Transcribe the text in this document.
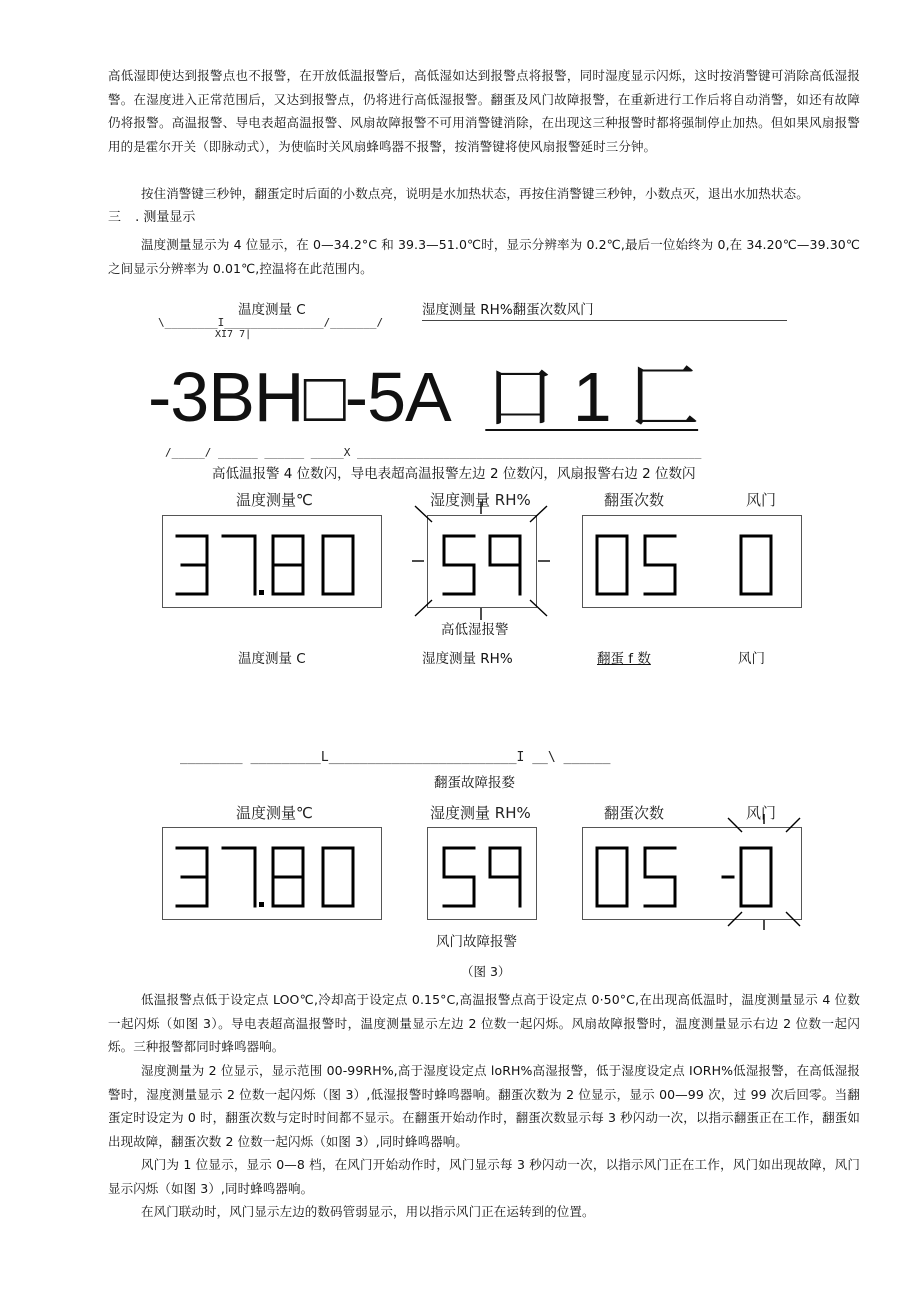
高低湿即使达到报警点也不报警，在开放低温报警后，高低湿如达到报警点将报警，同时湿度显示闪烁，这时按消警键可消除高低湿报警。在湿度进入正常范围后，又达到报警点，仍将进行高低湿报警。翻蛋及风门故障报警，在重新进行工作后将自动消警，如还有故障仍将报警。高温报警、导电表超高温报警、风扇故障报警不可用消警键消除，在出现这三种报警时都将强制停止加热。但如果风扇报警用的是霍尔开关（即脉动式），为使临时关风扇蜂鸣器不报警，按消警键将使风扇报警延时三分钟。

按住消警键三秒钟，翻蛋定时后面的小数点亮，说明是水加热状态，再按住消警键三秒钟，小数点灭，退出水加热状态。

三 . 测量显示

温度测量显示为 4 位显示，在 0—34.2°C 和 39.3—51.0℃时，显示分辨率为 0.2℃,最后一位始终为 0,在 34.20℃—39.30℃之间显示分辨率为 0.01℃,控温将在此范围内。

温度测量 C	湿度测量 RH%翻蛋次数风门
\________I_______________/_______/
XI7 7|
-3BH□-5A 口 1 匚
/_____/ ______ ______ _____X ____________________________________________________
高低温报警 4 位数闪，导电表超高温报警左边 2 位数闪，风扇报警右边 2 位数闪
温度测量℃	湿度测量 RH%	翻蛋次数	风门
高低湿报警
温度测量 C	湿度测量 RH%	翻蛋 f 数	风门
________ _________L________________________I __\ ______
翻蛋故障报婺
温度测量℃	湿度测量 RH%	翻蛋次数	风门
风门故障报警
（图 3）

低温报警点低于设定点 LOO℃,冷却高于设定点 0.15°C,高温报警点高于设定点 0·50°C,在出现高低温时，温度测量显示 4 位数一起闪烁（如图 3）。导电表超高温报警时，温度测量显示左边 2 位数一起闪烁。风扇故障报警时，温度测量显示右边 2 位数一起闪烁。三种报警都同时蜂鸣器响。

湿度测量为 2 位显示，显示范围 00-99RH%,高于湿度设定点 loRH%高湿报警，低于湿度设定点 IORH%低湿报警，在高低湿报警时，湿度测量显示 2 位数一起闪烁（图 3）,低湿报警时蜂鸣器响。翻蛋次数为 2 位显示，显示 00—99 次，过 99 次后回零。当翻蛋定时设定为 0 时，翻蛋次数与定时时间都不显示。在翻蛋开始动作时，翻蛋次数显示每 3 秒闪动一次，以指示翻蛋正在工作，翻蛋如出现故障，翻蛋次数 2 位数一起闪烁（如图 3）,同时蜂鸣器响。

风门为 1 位显示，显示 0—8 档，在风门开始动作时，风门显示每 3 秒闪动一次，以指示风门正在工作，风门如出现故障，风门显示闪烁（如图 3）,同时蜂鸣器响。

在风门联动时，风门显示左边的数码管弱显示，用以指示风门正在运转到的位置。
